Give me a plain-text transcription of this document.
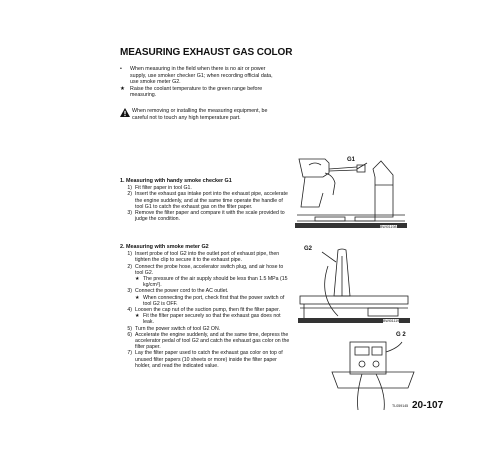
MEASURING EXHAUST GAS COLOR
•	When measuring in the field when there is no air or power supply, use smoker checker G1; when recording official data, use smoke meter G2.
★ Raise the coolant temperature to the green range before measuring.
When removing or installing the measuring equipment, be careful not to touch any high temperature part.
1. Measuring with handy smoke checker G1
1) Fit filter paper in tool G1.
2) Insert the exhaust gas intake port into the exhaust pipe, accelerate the engine suddenly, and at the same time operate the handle of tool G1 to catch the exhaust gas on the filter paper.
3) Remove the filter paper and compare it with the scale provided to judge the condition.
2. Measuring with smoke meter G2
1) Insert probe of tool G2 into the outlet port of exhaust pipe, then tighten the clip to secure it to the exhaust pipe.
2) Connect the probe hose, accelerator switch plug, and air hose to tool G2.
★ The pressure of the air supply should be less than 1.5 MPa (15 kg/cm²).
3) Connect the power cord to the AC outlet.
★ When connecting the port, check first that the power switch of tool G2 is OFF.
4) Loosen the cap nut of the suction pump, then fit the filter paper.
★ Fit the filter paper securely so that the exhaust gas does not leak.
5) Turn the power switch of tool G2 ON.
6) Accelerate the engine suddenly, and at the same time, depress the accelerator pedal of tool G2 and catch the exhaust gas color on the filter paper.
7) Lay the filter paper used to catch the exhaust gas color on top of unused filter papers (10 sheets or more) inside the filter paper holder, and read the indicated value.
G1
BWI01198
G2
BWI01119
G 2
TL059145 20-107
